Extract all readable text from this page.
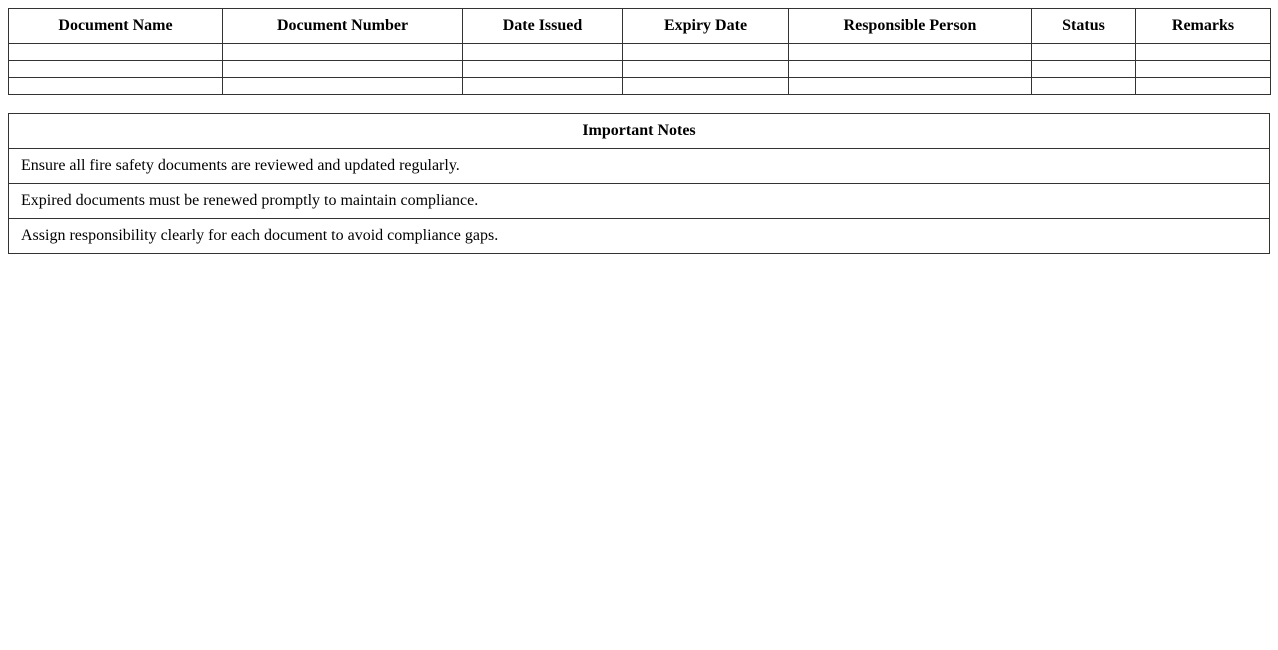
Document Name	Document Number	Date Issued	Expiry Date	Responsible Person	Status	Remarks

Important Notes
Ensure all fire safety documents are reviewed and updated regularly.
Expired documents must be renewed promptly to maintain compliance.
Assign responsibility clearly for each document to avoid compliance gaps.
